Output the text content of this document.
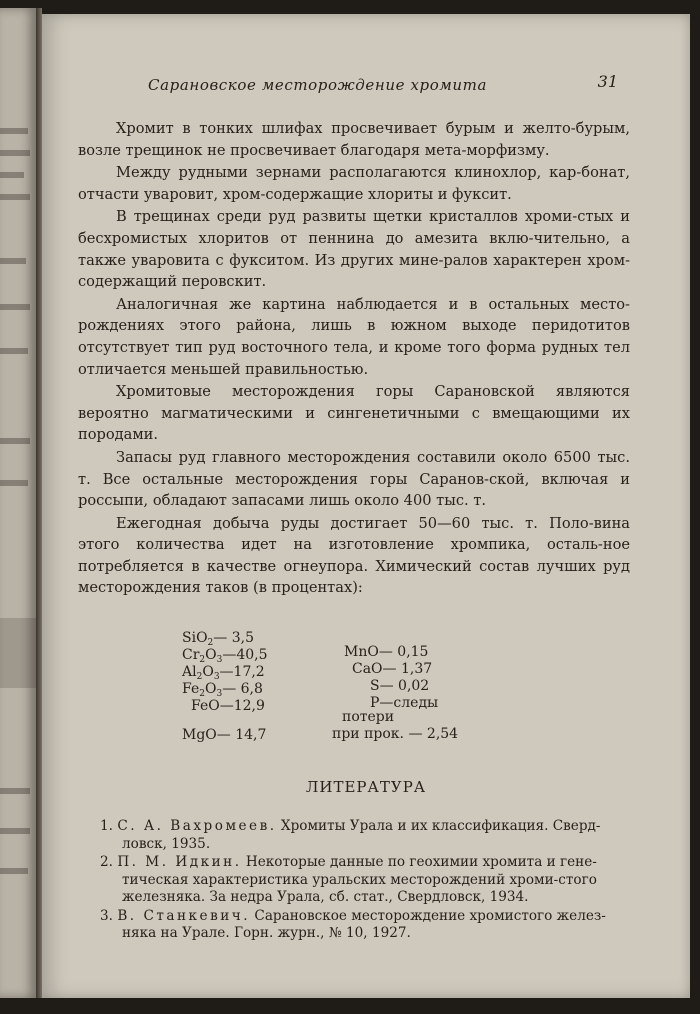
Сарановское месторождение хромита	31

Хромит в тонких шлифах просвечивает бурым и желто-бурым, возле трещинок не просвечивает благодаря мета-морфизму.

Между рудными зернами располагаются клинохлор, кар-бонат, отчасти уваровит, хром-содержащие хлориты и фуксит.

В трещинах среди руд развиты щетки кристаллов хроми-стых и бесхромистых хлоритов от пеннина до амезита вклю-чительно, а также уваровита с фукситом. Из других мине-ралов характерен хром-содержащий перовскит.

Аналогичная же картина наблюдается и в остальных место-рождениях этого района, лишь в южном выходе перидотитов отсутствует тип руд восточного тела, и кроме того форма рудных тел отличается меньшей правильностью.

Хромитовые месторождения горы Сарановской являются вероятно магматическими и сингенетичными с вмещающими их породами.

Запасы руд главного месторождения составили около 6500 тыс. т. Все остальные месторождения горы Саранов-ской, включая и россыпи, обладают запасами лишь около 400 тыс. т.

Ежегодная добыча руды достигает 50—60 тыс. т. Поло-вина этого количества идет на изготовление хромпика, осталь-ное потребляется в качестве огнеупора. Химический состав лучших руд месторождения таков (в процентах):

SiO$_2$— 3,5
$Cr_2O_3—40,5$
$Al_2O_3—17,2$
$Fe_2O_3—$ 6,8
FeO—12,9
MnO— 0,15
CaO— 1,37
S— 0,02
P—следы
потери
при прок. — 2,54
MgO— 14,7
ЛИТЕРАТУРА

1. С. А. Вахромеев. Хромиты Урала и их классификация. Сверд-ловск, 1935.

2. П. М. Идкин. Некоторые данные по геохимии хромита и гене-тическая характеристика уральских месторождений хроми-стого железняка. За недра Урала, сб. стат., Свердловск, 1934.

3. В. Станкевич. Сарановское месторождение хромистого желез-няка на Урале. Горн. журн., № 10, 1927.
